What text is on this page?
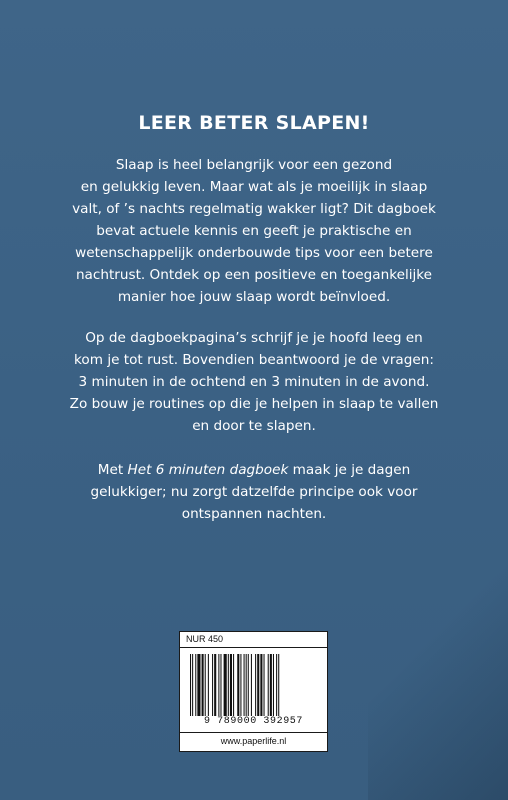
LEER BETER SLAPEN!

Slaap is heel belangrijk voor een gezond
en gelukkig leven. Maar wat als je moeilijk in slaap
valt, of ’s nachts regelmatig wakker ligt? Dit dagboek
bevat actuele kennis en geeft je praktische en
wetenschappelijk onderbouwde tips voor een betere
nachtrust. Ontdek op een positieve en toegankelijke
manier hoe jouw slaap wordt beïnvloed.

Op de dagboekpagina’s schrijf je je hoofd leeg en
kom je tot rust. Bovendien beantwoord je de vragen:
3 minuten in de ochtend en 3 minuten in de avond.
Zo bouw je routines op die je helpen in slaap te vallen
en door te slapen.

Met Het 6 minuten dagboek maak je je dagen
gelukkiger; nu zorgt datzelfde principe ook voor
ontspannen nachten.

NUR 450
9 789000 392957
www.paperlife.nl
